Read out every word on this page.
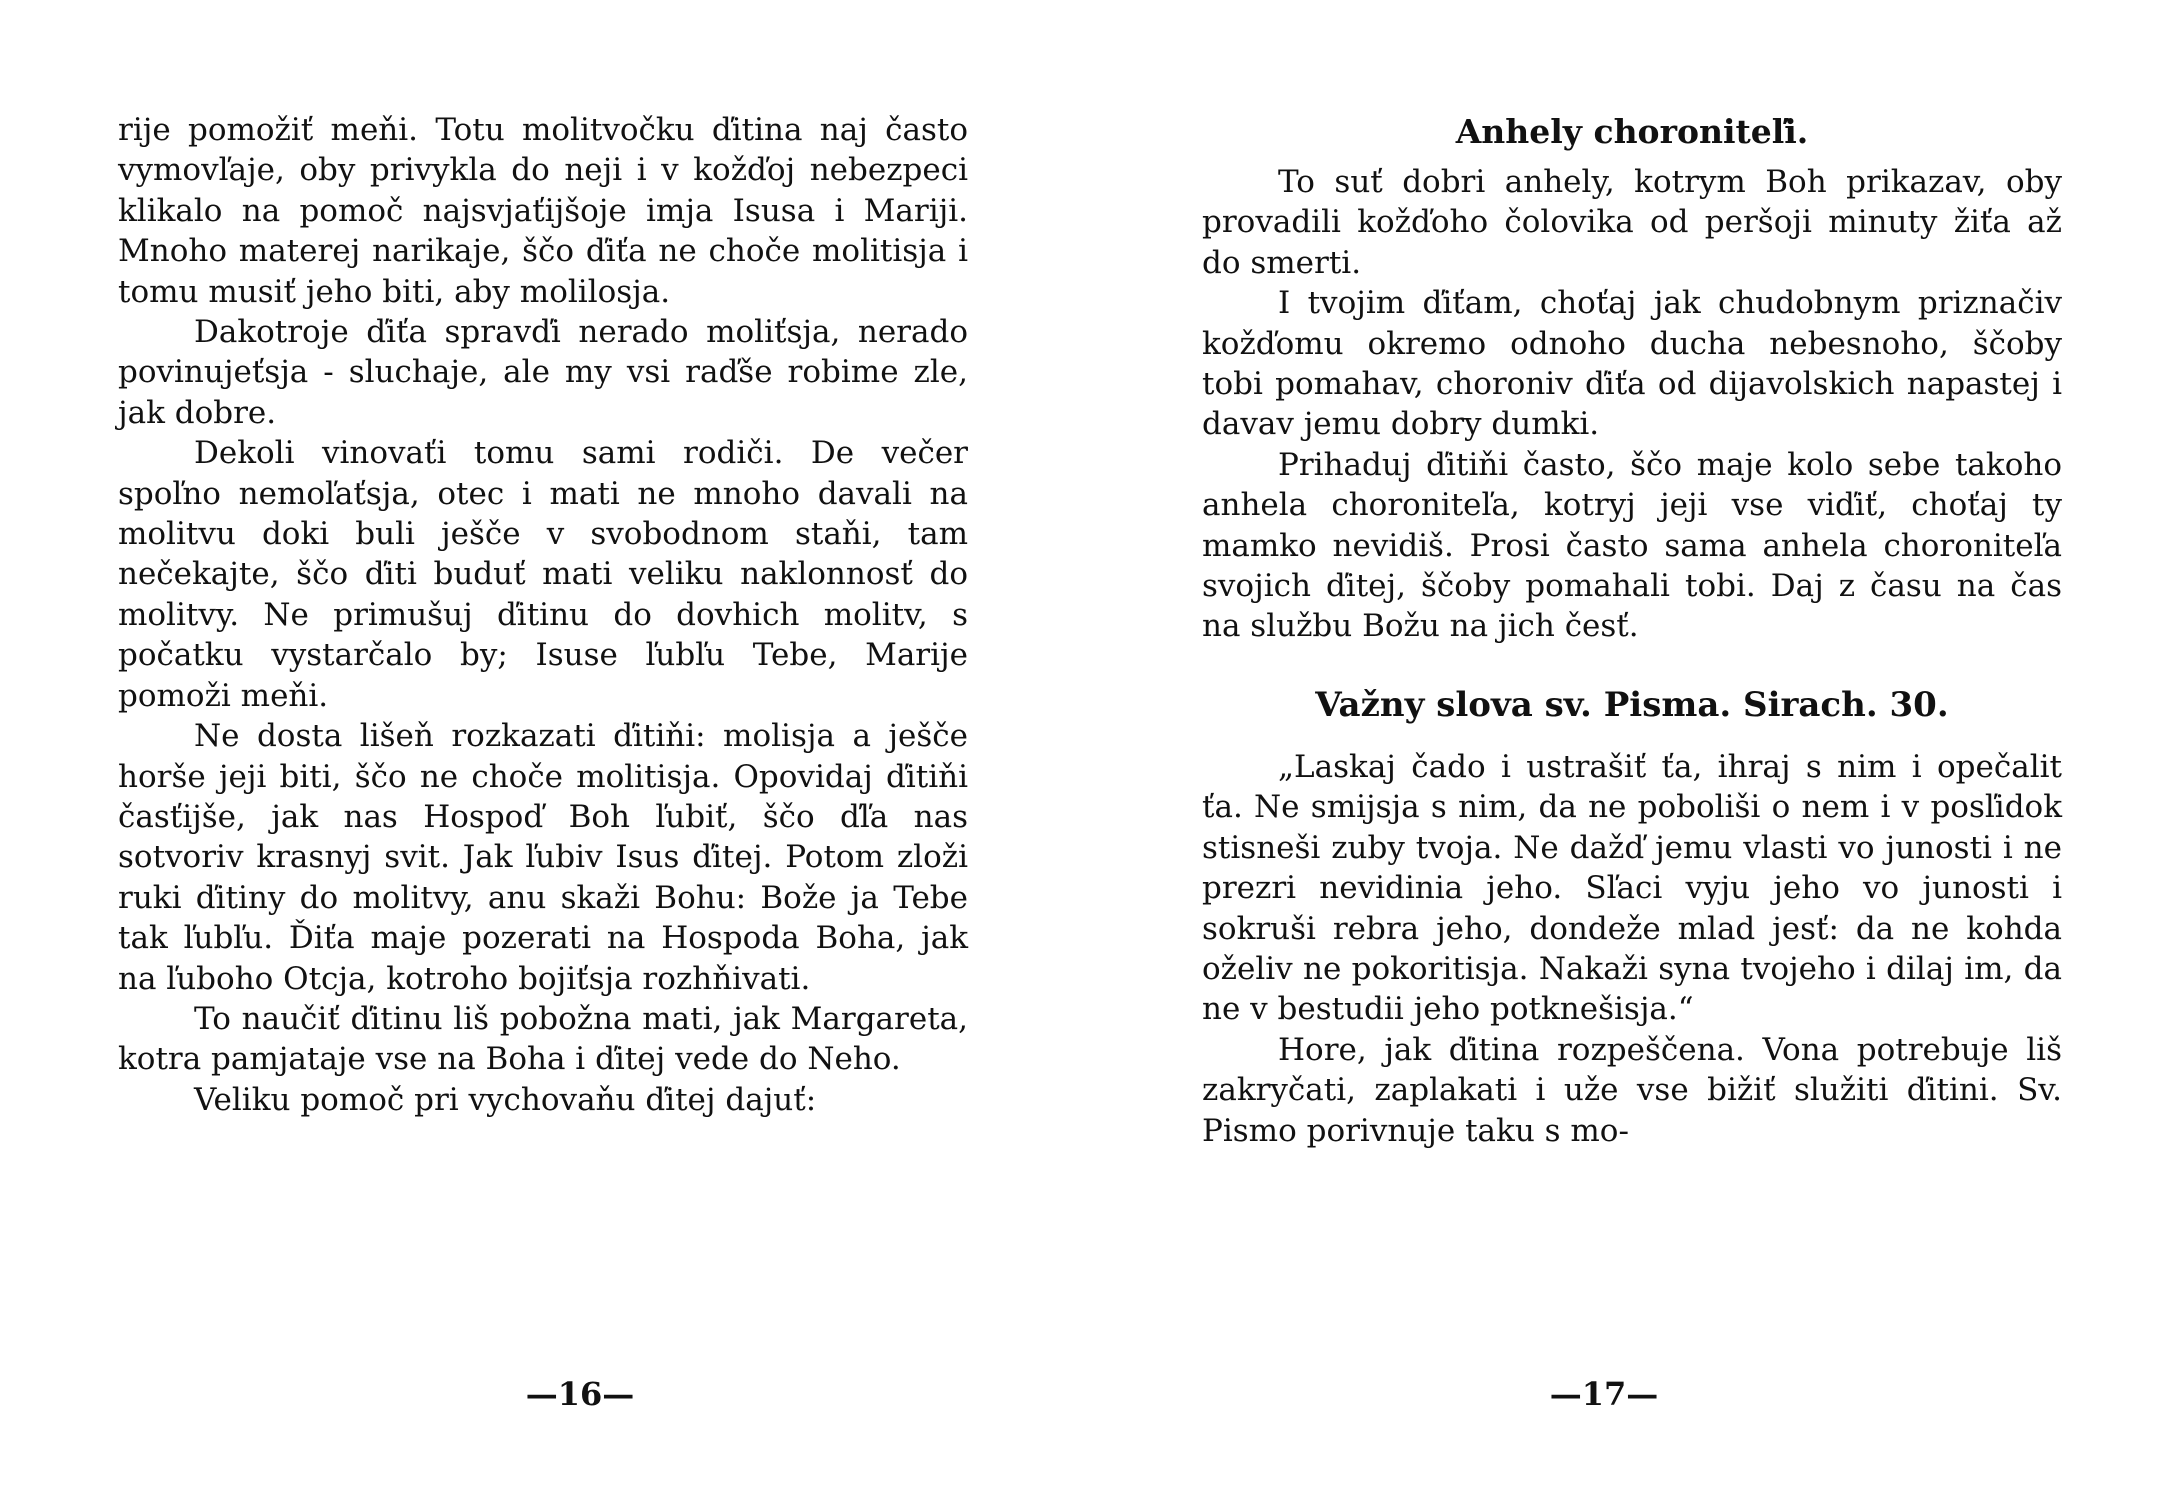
rije pomožiť meňi. Totu molitvočku ďitina naj často vymovľaje, oby privykla do neji i v kožďoj nebezpeci klikalo na pomoč najsvjaťijšoje imja Isusa i Mariji. Mnoho materej narikaje, ščo ďiťa ne choče molitisja i tomu musiť jeho biti, aby molilosja.

Dakotroje ďiťa spravďi nerado moliťsja, nerado povinujeťsja - sluchaje, ale my vsi raďše robime zle, jak dobre.

Dekoli vinovaťi tomu sami rodiči. De večer spoľno nemoľaťsja, otec i mati ne mnoho davali na molitvu doki buli ješče v svobodnom staňi, tam nečekajte, ščo ďiti buduť mati veliku naklonnosť do molitvy. Ne primušuj ďitinu do dovhich molitv, s počatku vystarčalo by; Isuse ľubľu Tebe, Marije pomoži meňi.

Ne dosta lišeň rozkazati ďitiňi: molisja a ješče horše jeji biti, ščo ne choče molitisja. Opovidaj ďitiňi časťijše, jak nas Hospoď Boh ľubiť, ščo ďľa nas sotvoriv krasnyj svit. Jak ľubiv Isus ďitej. Potom zloži ruki ďitiny do molitvy, anu skaži Bohu: Bože ja Tebe tak ľubľu. Ďiťa maje pozerati na Hospoda Boha, jak na ľuboho Otcja, kotroho bojiťsja rozhňivati.

To naučiť ďitinu liš pobožna mati, jak Margareta, kotra pamjataje vse na Boha i ďitej vede do Neho.

Veliku pomoč pri vychovaňu ďitej dajuť:

—16—
Anhely choroniteľi.

To suť dobri anhely, kotrym Boh prikazav, oby provadili kožďoho čolovika od peršoji minuty žiťa až do smerti.

I tvojim ďiťam, choťaj jak chudobnym priznačiv kožďomu okremo odnoho ducha nebesnoho, ščoby tobi pomahav, choroniv ďiťa od dijavolskich napastej i davav jemu dobry dumki.

Prihaduj ďitiňi často, ščo maje kolo sebe takoho anhela choroniteľa, kotryj jeji vse viďiť, choťaj ty mamko nevidiš. Prosi často sama anhela choroniteľa svojich ďitej, ščoby pomahali tobi. Daj z času na čas na službu Božu na jich česť.

Važny slova sv. Pisma. Sirach. 30.

„Laskaj čado i ustrašiť ťa, ihraj s nim i opečalit ťa. Ne smijsja s nim, da ne poboliši o nem i v posľidok stisneši zuby tvoja. Ne dažď jemu vlasti vo junosti i ne prezri nevidinia jeho. Sľaci vyju jeho vo junosti i sokruši rebra jeho, dondeže mlad jesť: da ne kohda oželiv ne pokoritisja. Nakaži syna tvojeho i dilaj im, da ne v bestudii jeho potknešisja.“

Hore, jak ďitina rozpeščena. Vona potrebuje liš zakryčati, zaplakati i uže vse bižiť služiti ďitini. Sv. Pismo porivnuje taku s mo-

—17—
